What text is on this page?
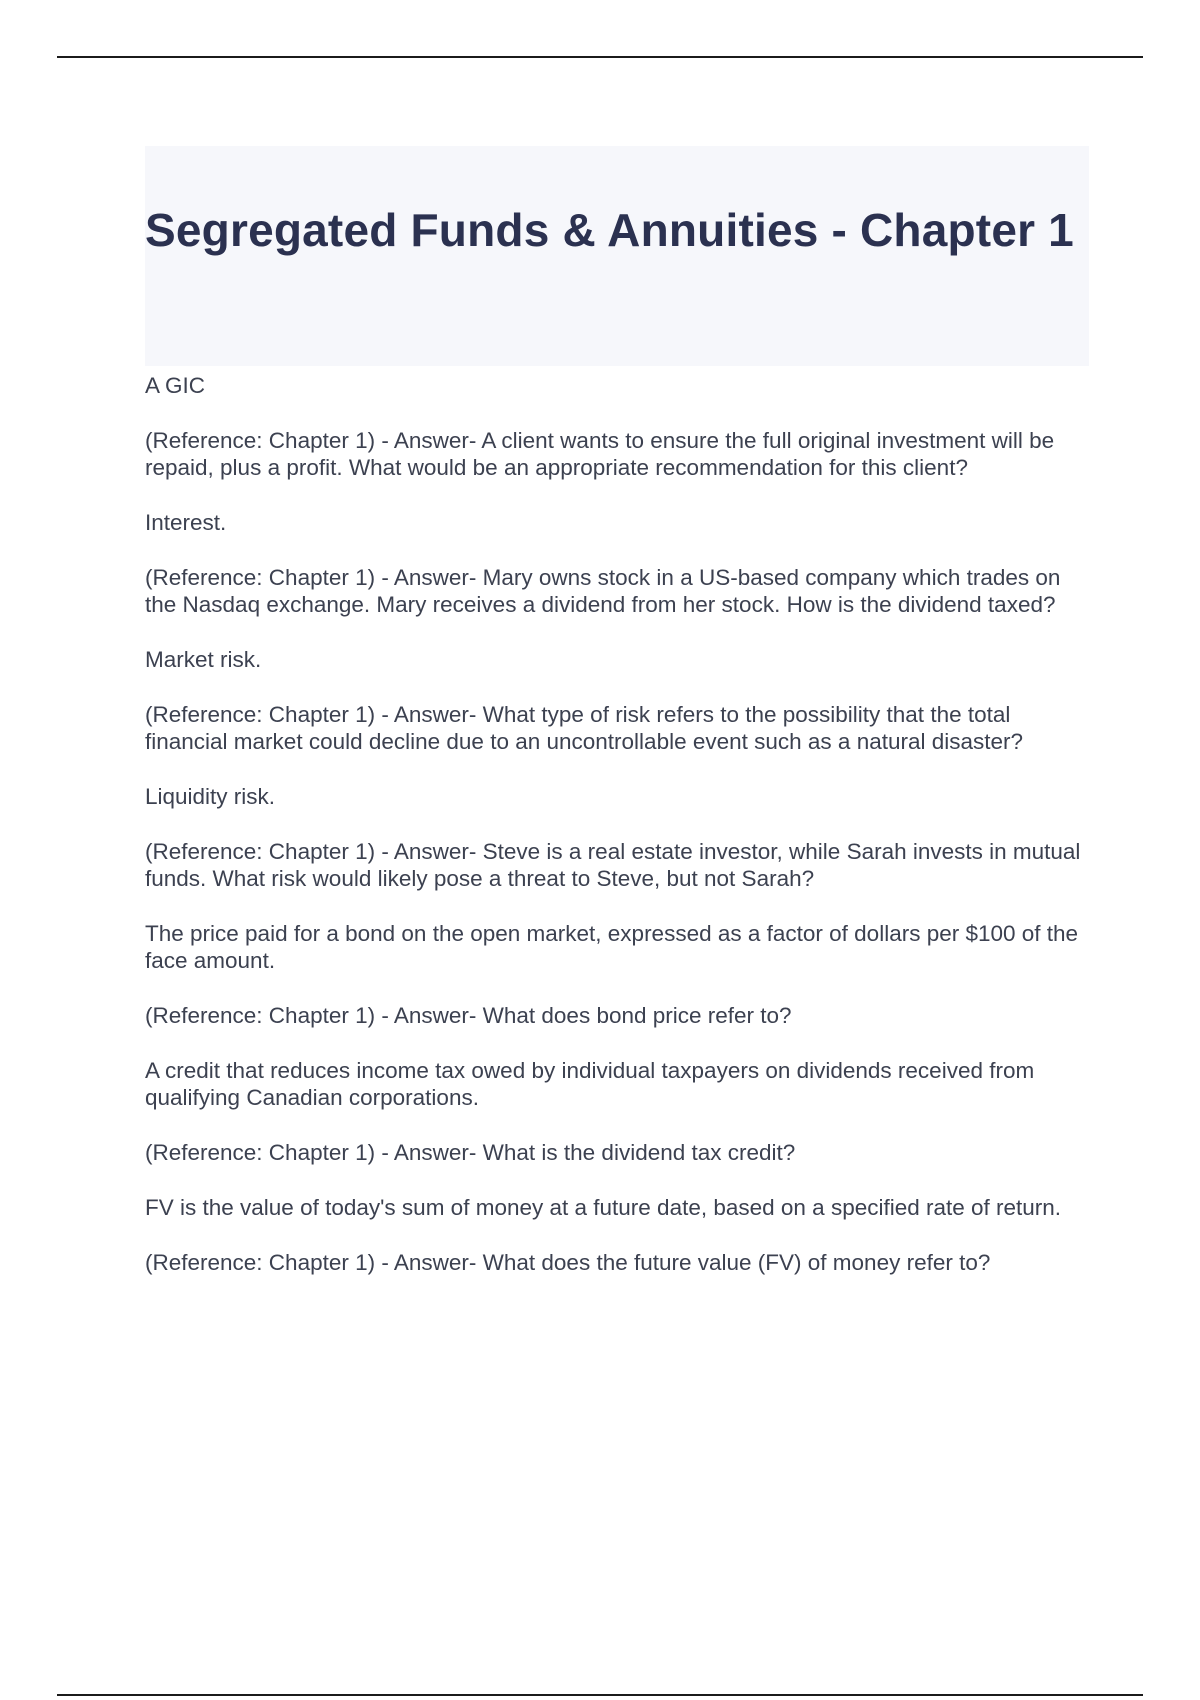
Segregated Funds & Annuities - Chapter 1

A GIC

(Reference: Chapter 1) - Answer- A client wants to ensure the full original investment will be repaid, plus a profit. What would be an appropriate recommendation for this client?

Interest.

(Reference: Chapter 1) - Answer- Mary owns stock in a US-based company which trades on the Nasdaq exchange. Mary receives a dividend from her stock. How is the dividend taxed?

Market risk.

(Reference: Chapter 1) - Answer- What type of risk refers to the possibility that the total financial market could decline due to an uncontrollable event such as a natural disaster?

Liquidity risk.

(Reference: Chapter 1) - Answer- Steve is a real estate investor, while Sarah invests in mutual funds. What risk would likely pose a threat to Steve, but not Sarah?

The price paid for a bond on the open market, expressed as a factor of dollars per $100 of the face amount.

(Reference: Chapter 1) - Answer- What does bond price refer to?

A credit that reduces income tax owed by individual taxpayers on dividends received from qualifying Canadian corporations.

(Reference: Chapter 1) - Answer- What is the dividend tax credit?

FV is the value of today's sum of money at a future date, based on a specified rate of return.

(Reference: Chapter 1) - Answer- What does the future value (FV) of money refer to?
